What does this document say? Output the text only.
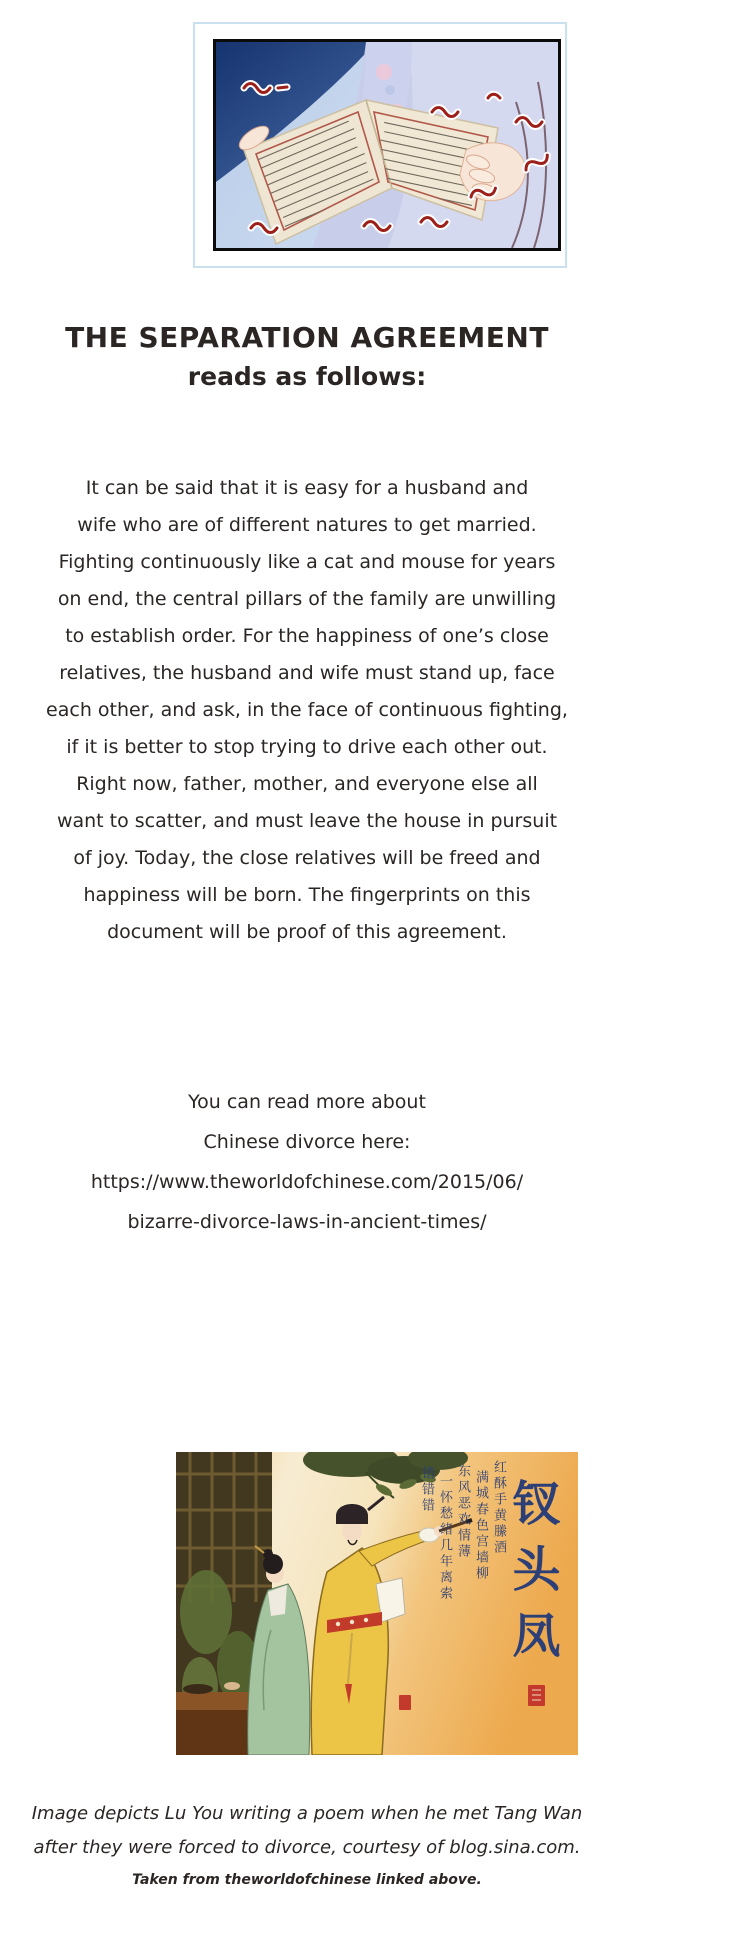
THE SEPARATION AGREEMENT
reads as follows:
It can be said that it is easy for a husband and
wife who are of different natures to get married.
Fighting continuously like a cat and mouse for years
on end, the central pillars of the family are unwilling
to establish order. For the happiness of one’s close
relatives, the husband and wife must stand up, face
each other, and ask, in the face of continuous fighting,
if it is better to stop trying to drive each other out.
Right now, father, mother, and everyone else all
want to scatter, and must leave the house in pursuit
of joy. Today, the close relatives will be freed and
happiness will be born. The fingerprints on this
document will be proof of this agreement.
You can read more about
Chinese divorce here:
https://www.theworldofchinese.com/2015/06/
bizarre-divorce-laws-in-ancient-times/
红酥手黄縢酒
满城春色宫墙柳
东风恶欢情薄
一怀愁绪几年离索
错错错 钗头凤
Image depicts Lu You writing a poem when he met Tang Wan
after they were forced to divorce, courtesy of blog.sina.com.
Taken from theworldofchinese linked above.
